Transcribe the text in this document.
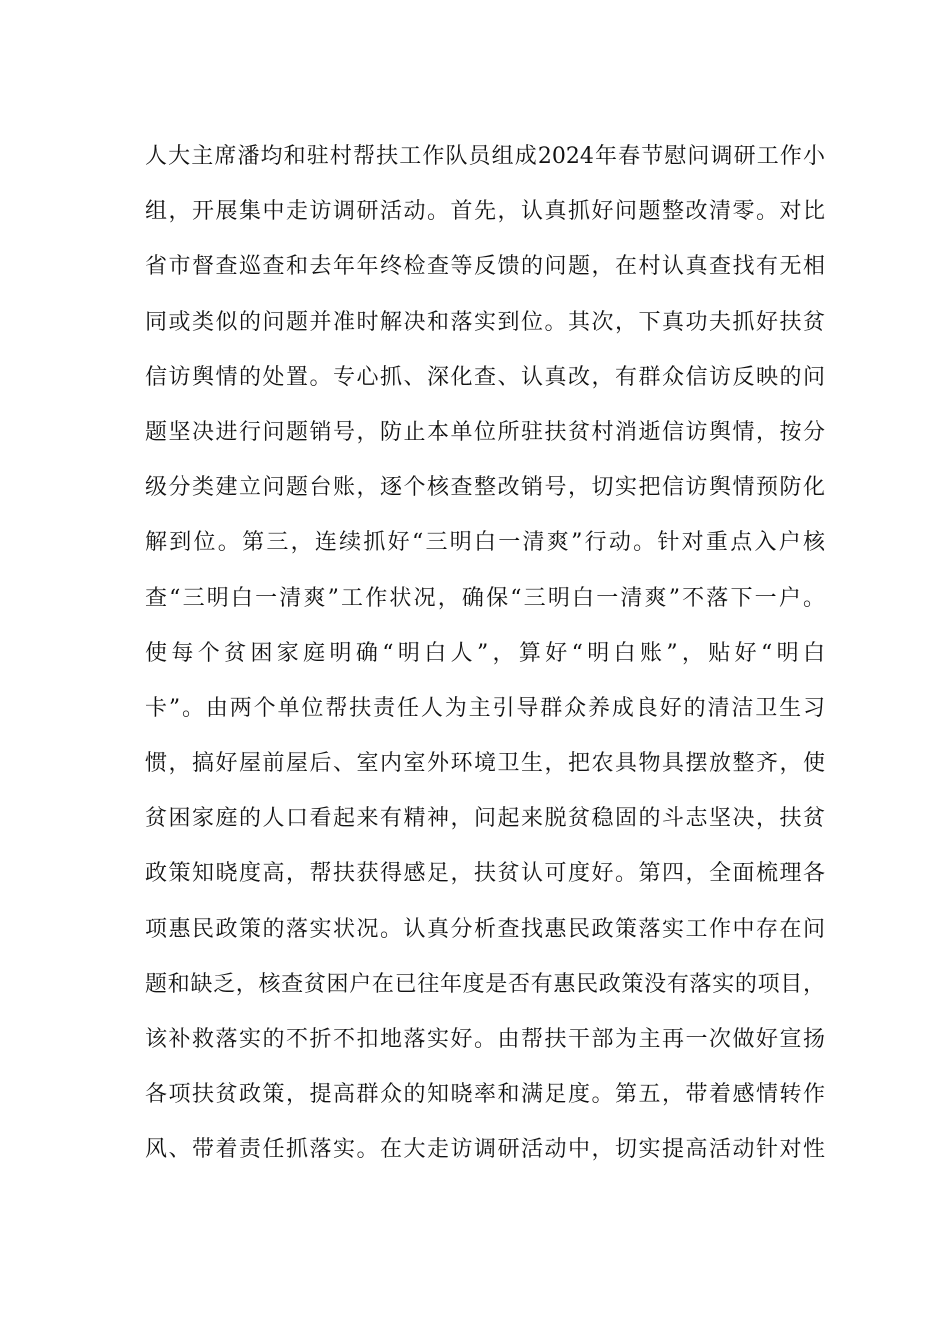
人大主席潘均和驻村帮扶工作队员组成2024年春节慰问调研工作小
组，开展集中走访调研活动。首先，认真抓好问题整改清零。对比
省市督查巡查和去年年终检查等反馈的问题，在村认真查找有无相
同或类似的问题并准时解决和落实到位。其次，下真功夫抓好扶贫
信访舆情的处置。专心抓、深化查、认真改，有群众信访反映的问
题坚决进行问题销号，防止本单位所驻扶贫村消逝信访舆情，按分
级分类建立问题台账，逐个核查整改销号，切实把信访舆情预防化
解到位。第三，连续抓好“三明白一清爽”行动。针对重点入户核
查“三明白一清爽”工作状况，确保“三明白一清爽”不落下一户。
使每个贫困家庭明确“明白人”，算好“明白账”，贴好“明白
卡”。由两个单位帮扶责任人为主引导群众养成良好的清洁卫生习
惯，搞好屋前屋后、室内室外环境卫生，把农具物具摆放整齐，使
贫困家庭的人口看起来有精神，问起来脱贫稳固的斗志坚决，扶贫
政策知晓度高，帮扶获得感足，扶贫认可度好。第四，全面梳理各
项惠民政策的落实状况。认真分析查找惠民政策落实工作中存在问
题和缺乏，核查贫困户在已往年度是否有惠民政策没有落实的项目，
该补救落实的不折不扣地落实好。由帮扶干部为主再一次做好宣扬
各项扶贫政策，提高群众的知晓率和满足度。第五，带着感情转作
风、带着责任抓落实。在大走访调研活动中，切实提高活动针对性
